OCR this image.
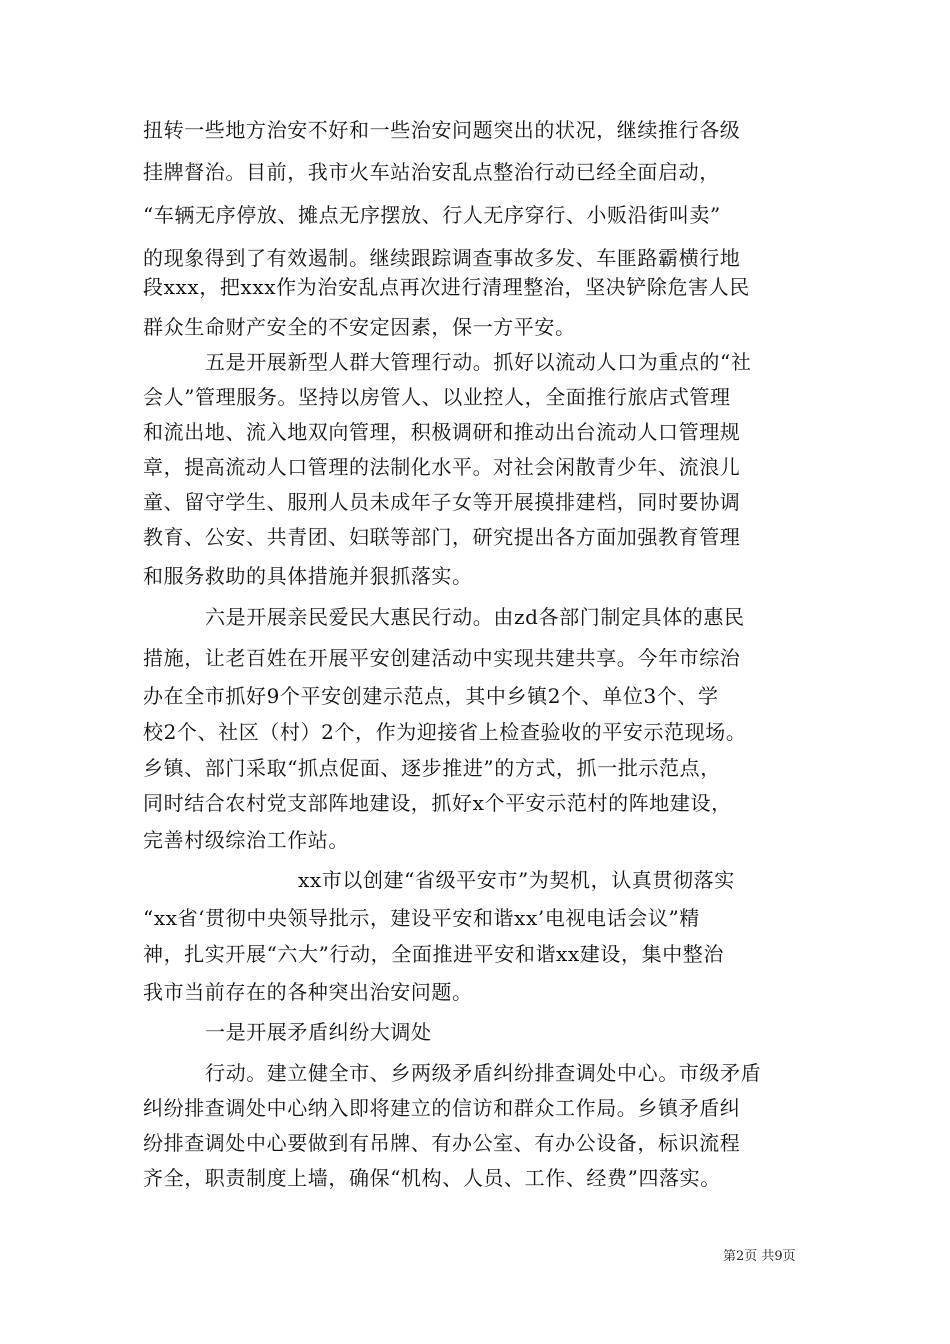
扭转一些地方治安不好和一些治安问题突出的状况，继续推行各级
挂牌督治。目前，我市火车站治安乱点整治行动已经全面启动，
“车辆无序停放、摊点无序摆放、行人无序穿行、小贩沿街叫卖”
的现象得到了有效遏制。继续跟踪调查事故多发、车匪路霸横行地
段xxx，把xxx作为治安乱点再次进行清理整治，坚决铲除危害人民
群众生命财产安全的不安定因素，保一方平安。
五是开展新型人群大管理行动。抓好以流动人口为重点的“社
会人”管理服务。坚持以房管人、以业控人，全面推行旅店式管理
和流出地、流入地双向管理，积极调研和推动出台流动人口管理规
章，提高流动人口管理的法制化水平。对社会闲散青少年、流浪儿
童、留守学生、服刑人员未成年子女等开展摸排建档，同时要协调
教育、公安、共青团、妇联等部门，研究提出各方面加强教育管理
和服务救助的具体措施并狠抓落实。
六是开展亲民爱民大惠民行动。由zd各部门制定具体的惠民
措施，让老百姓在开展平安创建活动中实现共建共享。今年市综治
办在全市抓好9个平安创建示范点，其中乡镇2个、单位3个、学
校2个、社区（村）2个，作为迎接省上检查验收的平安示范现场。
乡镇、部门采取“抓点促面、逐步推进”的方式，抓一批示范点，
同时结合农村党支部阵地建设，抓好x个平安示范村的阵地建设，
完善村级综治工作站。
xx市以创建“省级平安市”为契机，认真贯彻落实
“xx省‘贯彻中央领导批示，建设平安和谐xx’电视电话会议”精
神，扎实开展“六大”行动，全面推进平安和谐xx建设，集中整治
我市当前存在的各种突出治安问题。
一是开展矛盾纠纷大调处
行动。建立健全市、乡两级矛盾纠纷排查调处中心。市级矛盾
纠纷排查调处中心纳入即将建立的信访和群众工作局。乡镇矛盾纠
纷排查调处中心要做到有吊牌、有办公室、有办公设备，标识流程
齐全，职责制度上墙，确保“机构、人员、工作、经费”四落实。
第2页 共9页
